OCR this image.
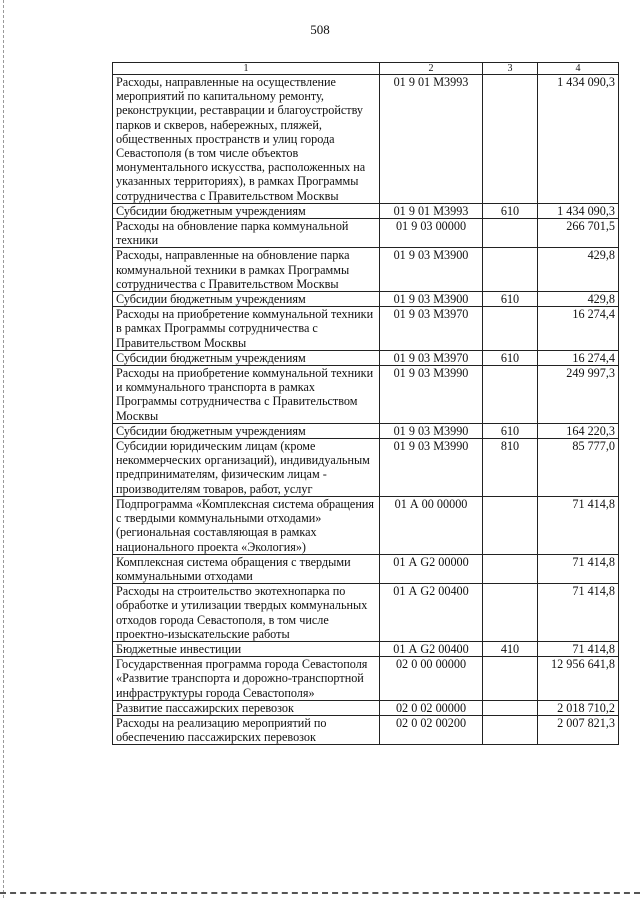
508
1	2	3	4
Расходы, направленные на осуществление мероприятий по капитальному ремонту, реконструкции, реставрации и благоустройству парков и скверов, набережных, пляжей, общественных пространств и улиц города Севастополя (в том числе объектов монументального искусства, расположенных на указанных территориях), в рамках Программы сотрудничества с Правительством Москвы	01 9 01 М3993		1 434 090,3
Субсидии бюджетным учреждениям	01 9 01 М3993	610	1 434 090,3
Расходы на обновление парка коммунальной техники	01 9 03 00000		266 701,5
Расходы, направленные на обновление парка коммунальной техники в рамках Программы сотрудничества с Правительством Москвы	01 9 03 М3900		429,8
Субсидии бюджетным учреждениям	01 9 03 М3900	610	429,8
Расходы на приобретение коммунальной техники в рамках Программы сотрудничества с Правительством Москвы	01 9 03 М3970		16 274,4
Субсидии бюджетным учреждениям	01 9 03 М3970	610	16 274,4
Расходы на приобретение коммунальной техники и коммунального транспорта в рамках Программы сотрудничества с Правительством Москвы	01 9 03 М3990		249 997,3
Субсидии бюджетным учреждениям	01 9 03 М3990	610	164 220,3
Субсидии юридическим лицам (кроме некоммерческих организаций), индивидуальным предпринимателям, физическим лицам - производителям товаров, работ, услуг	01 9 03 М3990	810	85 777,0
Подпрограмма «Комплексная система обращения с твердыми коммунальными отходами» (региональная составляющая в рамках национального проекта «Экология»)	01 А 00 00000		71 414,8
Комплексная система обращения с твердыми коммунальными отходами	01 А G2 00000		71 414,8
Расходы на строительство экотехнопарка по обработке и утилизации твердых коммунальных отходов города Севастополя, в том числе проектно-изыскательские работы	01 А G2 00400		71 414,8
Бюджетные инвестиции	01 А G2 00400	410	71 414,8
Государственная программа города Севастополя «Развитие транспорта и дорожно-транспортной инфраструктуры города Севастополя»	02 0 00 00000		12 956 641,8
Развитие пассажирских перевозок	02 0 02 00000		2 018 710,2
Расходы на реализацию мероприятий по обеспечению пассажирских перевозок	02 0 02 00200		2 007 821,3
